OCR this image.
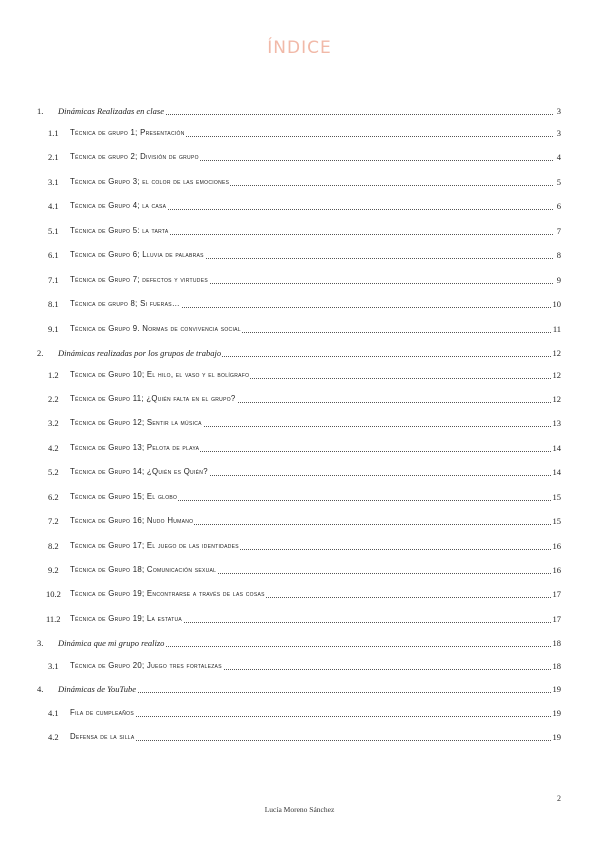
ÍNDICE
1. Dinámicas Realizadas en clase	3
1.1 Técnica de grupo 1; Presentación	3
2.1 Técnica de grupo 2; División de grupo	4
3.1 Técnica de Grupo 3; el color de las emociones	5
4.1 Técnica de Grupo 4; la casa	6
5.1 Técnica de Grupo 5: la tarta	7
6.1 Técnica de Grupo 6; Lluvia de palabras	8
7.1 Técnica de Grupo 7; defectos y virtudes	9
8.1 Técnica de grupo 8; Si fueras…	10
9.1 Técnica de Grupo 9. Normas de convivencia social	11
2. Dinámicas realizadas por los grupos de trabajo	12
1.2 Técnica de Grupo 10; El hilo, el vaso y el bolígrafo	12
2.2 Técnica de Grupo 11; ¿Quién falta en el grupo?	12
3.2 Técnica de Grupo 12; Sentir la música	13
4.2 Técnica de Grupo 13; Pelota de playa	14
5.2 Técnica de Grupo 14; ¿Quién es Quién?	14
6.2 Técnica de Grupo 15; El globo	15
7.2 Técnica de Grupo 16; Nudo Humano	15
8.2 Técnica de Grupo 17; El juego de las identidades	16
9.2 Técnica de Grupo 18; Comunicación sexual	16
10.2 Técnica de Grupo 19; Encontrarse a través de las cosas	17
11.2 Técnica de Grupo 19; La estatua	17
3. Dinámica que mi grupo realizo	18
3.1 Técnica de Grupo 20; Juego tres fortalezas	18
4. Dinámicas de YouTube	19
4.1 Fila de cumpleaños	19
4.2 Defensa de la silla	19
2
Lucía Moreno Sánchez
